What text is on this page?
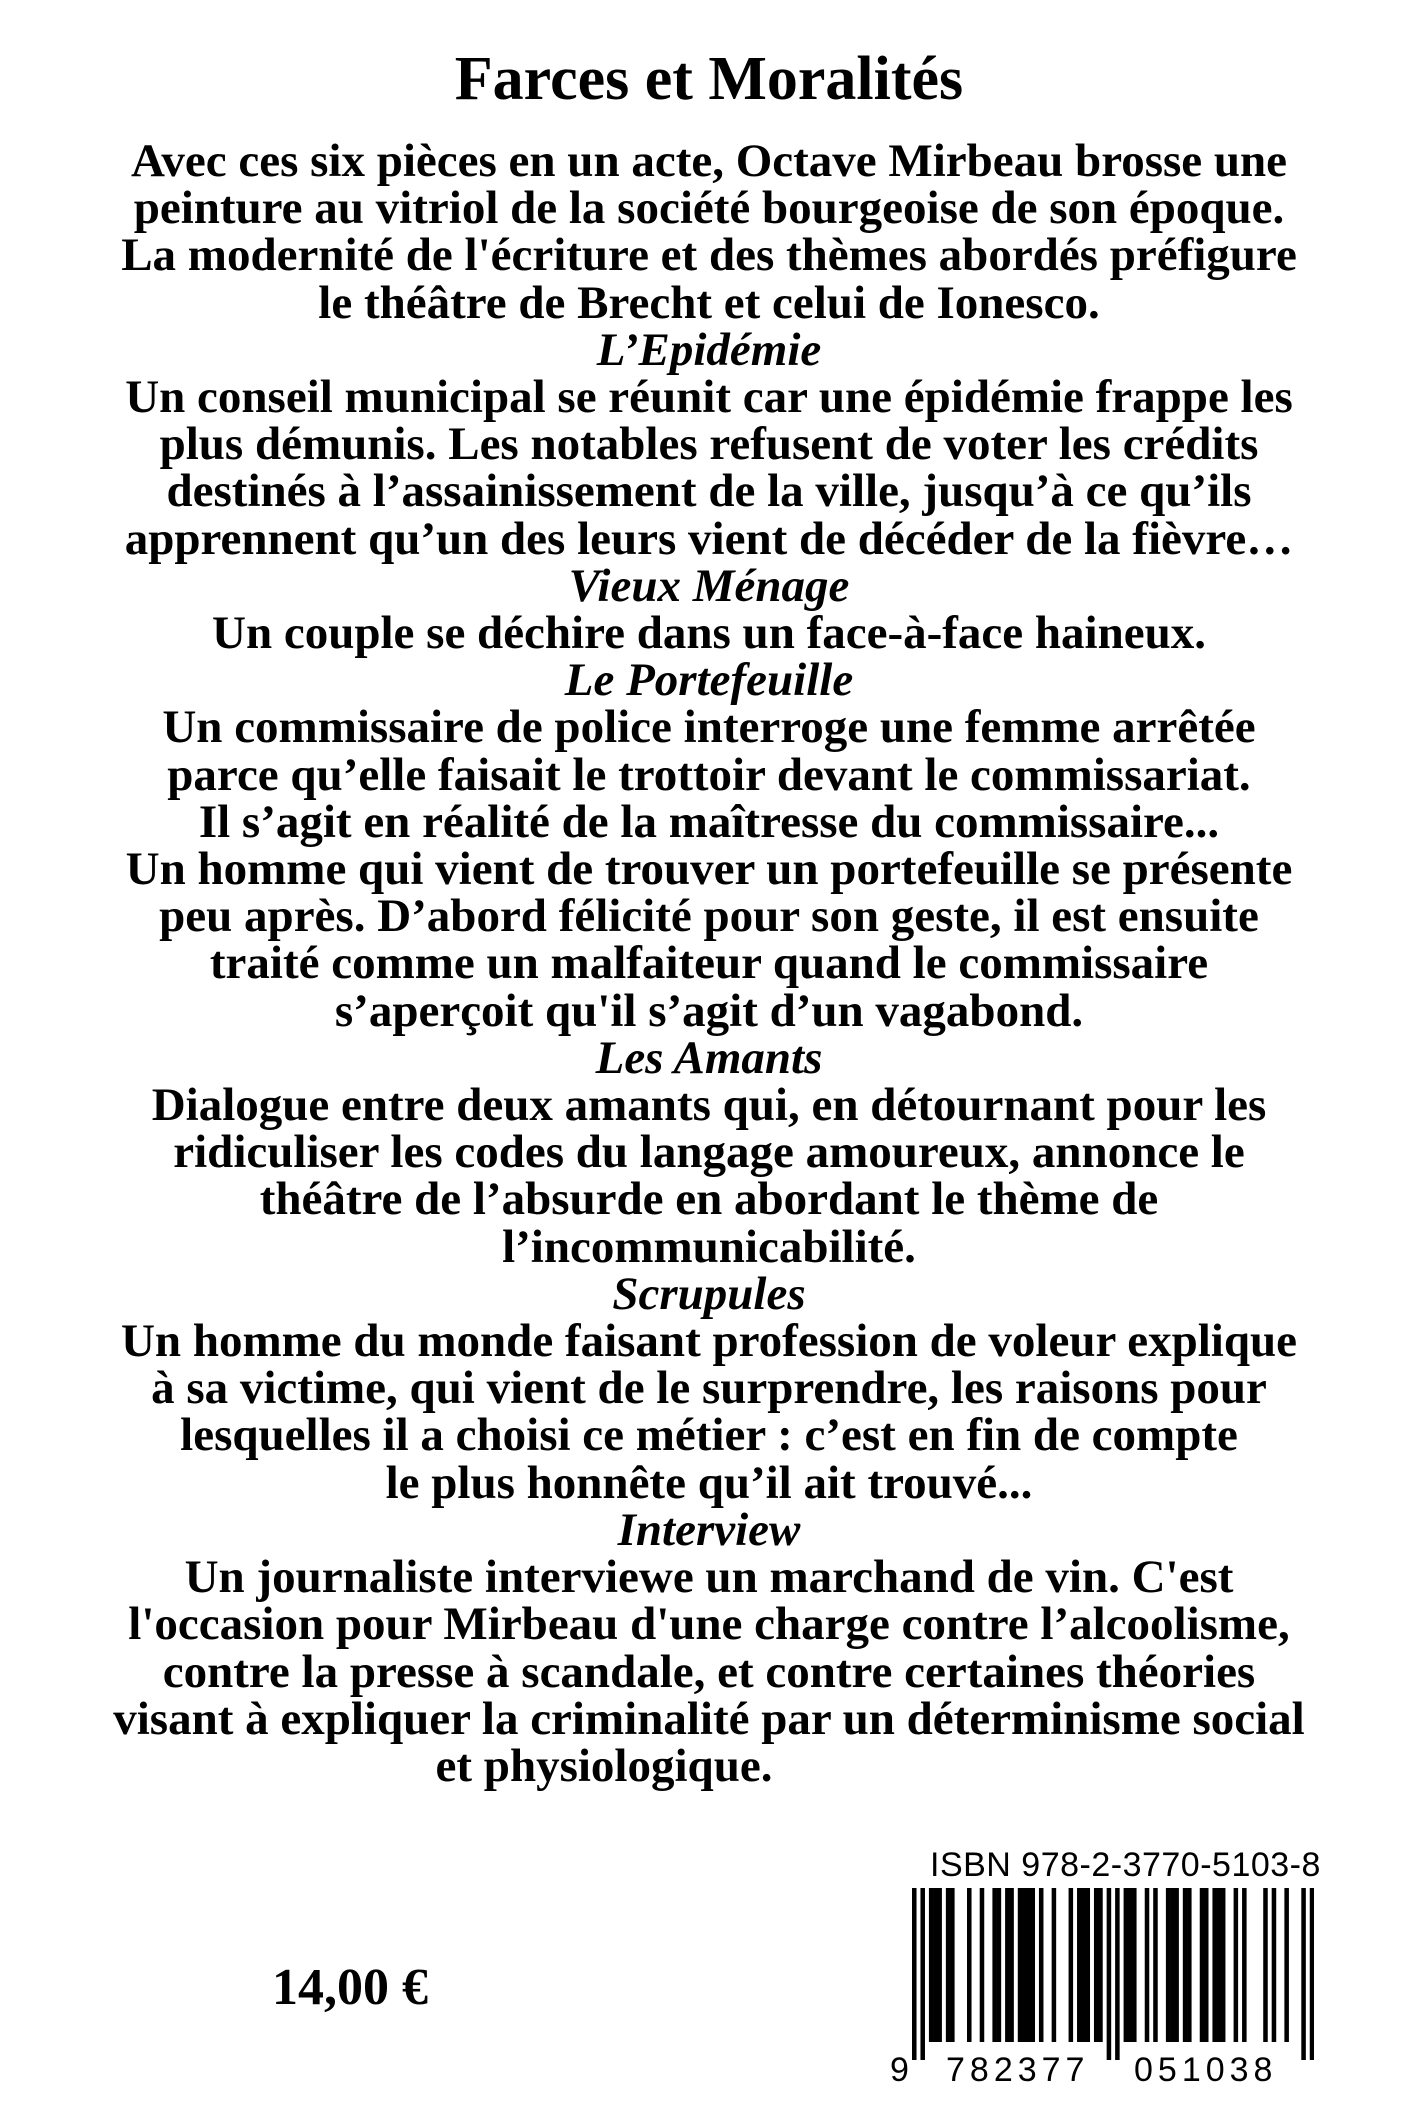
Farces et Moralités

Avec ces six pièces en un acte, Octave Mirbeau brosse une

peinture au vitriol de la société bourgeoise de son époque.

La modernité de l'écriture et des thèmes abordés préfigure

le théâtre de Brecht et celui de Ionesco.

L’Epidémie

Un conseil municipal se réunit car une épidémie frappe les

plus démunis. Les notables refusent de voter les crédits

destinés à l’assainissement de la ville, jusqu’à ce qu’ils

apprennent qu’un des leurs vient de décéder de la fièvre…

Vieux Ménage

Un couple se déchire dans un face-à-face haineux.

Le Portefeuille

Un commissaire de police interroge une femme arrêtée

parce qu’elle faisait le trottoir devant le commissariat.

Il s’agit en réalité de la maîtresse du commissaire...

Un homme qui vient de trouver un portefeuille se présente

peu après. D’abord félicité pour son geste, il est ensuite

traité comme un malfaiteur quand le commissaire

s’aperçoit qu'il s’agit d’un vagabond.

Les Amants

Dialogue entre deux amants qui, en détournant pour les

ridiculiser les codes du langage amoureux, annonce le

théâtre de l’absurde en abordant le thème de

l’incommunicabilité.

Scrupules

Un homme du monde faisant profession de voleur explique

à sa victime, qui vient de le surprendre, les raisons pour

lesquelles il a choisi ce métier : c’est en fin de compte

le plus honnête qu’il ait trouvé...

Interview

Un journaliste interviewe un marchand de vin. C'est

l'occasion pour Mirbeau d'une charge contre l’alcoolisme,

contre la presse à scandale, et contre certaines théories

visant à expliquer la criminalité par un déterminisme social

et physiologique.

ISBN 978-2-3770-5103-8
9 782377 051038
14,00 €
